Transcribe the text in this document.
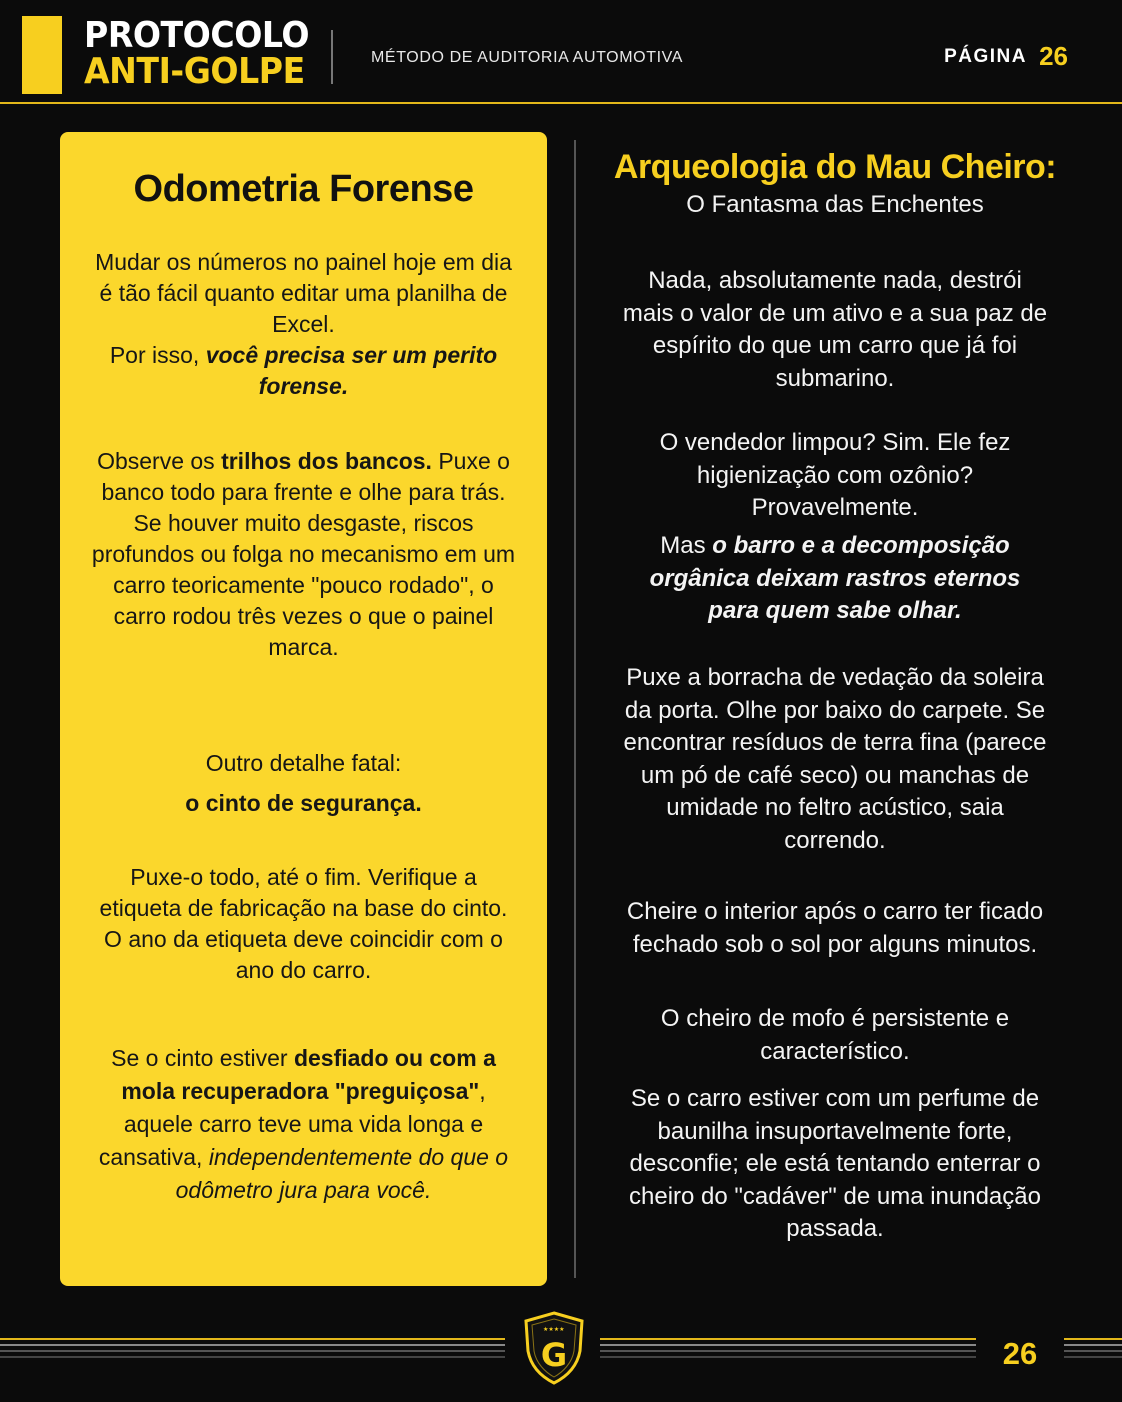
PROTOCOLO
ANTI-GOLPE	MÉTODO DE AUDITORIA AUTOMOTIVA	PÁGINA 26
Odometria Forense

Mudar os números no painel hoje em dia é tão fácil quanto editar uma planilha de Excel.
Por isso, você precisa ser um perito forense.

Observe os trilhos dos bancos. Puxe o banco todo para frente e olhe para trás. Se houver muito desgaste, riscos profundos ou folga no mecanismo em um carro teoricamente "pouco rodado", o carro rodou três vezes o que o painel marca.

Outro detalhe fatal:
o cinto de segurança.

Puxe-o todo, até o fim. Verifique a etiqueta de fabricação na base do cinto. O ano da etiqueta deve coincidir com o ano do carro.

Se o cinto estiver desfiado ou com a mola recuperadora "preguiçosa", aquele carro teve uma vida longa e cansativa, independentemente do que o odômetro jura para você.

Arqueologia do Mau Cheiro:
O Fantasma das Enchentes

Nada, absolutamente nada, destrói mais o valor de um ativo e a sua paz de espírito do que um carro que já foi submarino.

O vendedor limpou? Sim. Ele fez higienização com ozônio? Provavelmente.

Mas o barro e a decomposição orgânica deixam rastros eternos para quem sabe olhar.

Puxe a borracha de vedação da soleira da porta. Olhe por baixo do carpete. Se encontrar resíduos de terra fina (parece um pó de café seco) ou manchas de umidade no feltro acústico, saia correndo.

Cheire o interior após o carro ter ficado fechado sob o sol por alguns minutos.

O cheiro de mofo é persistente e característico.

Se o carro estiver com um perfume de baunilha insuportavelmente forte, desconfie; ele está tentando enterrar o cheiro do "cadáver" de uma inundação passada.

★★★★
G	26
